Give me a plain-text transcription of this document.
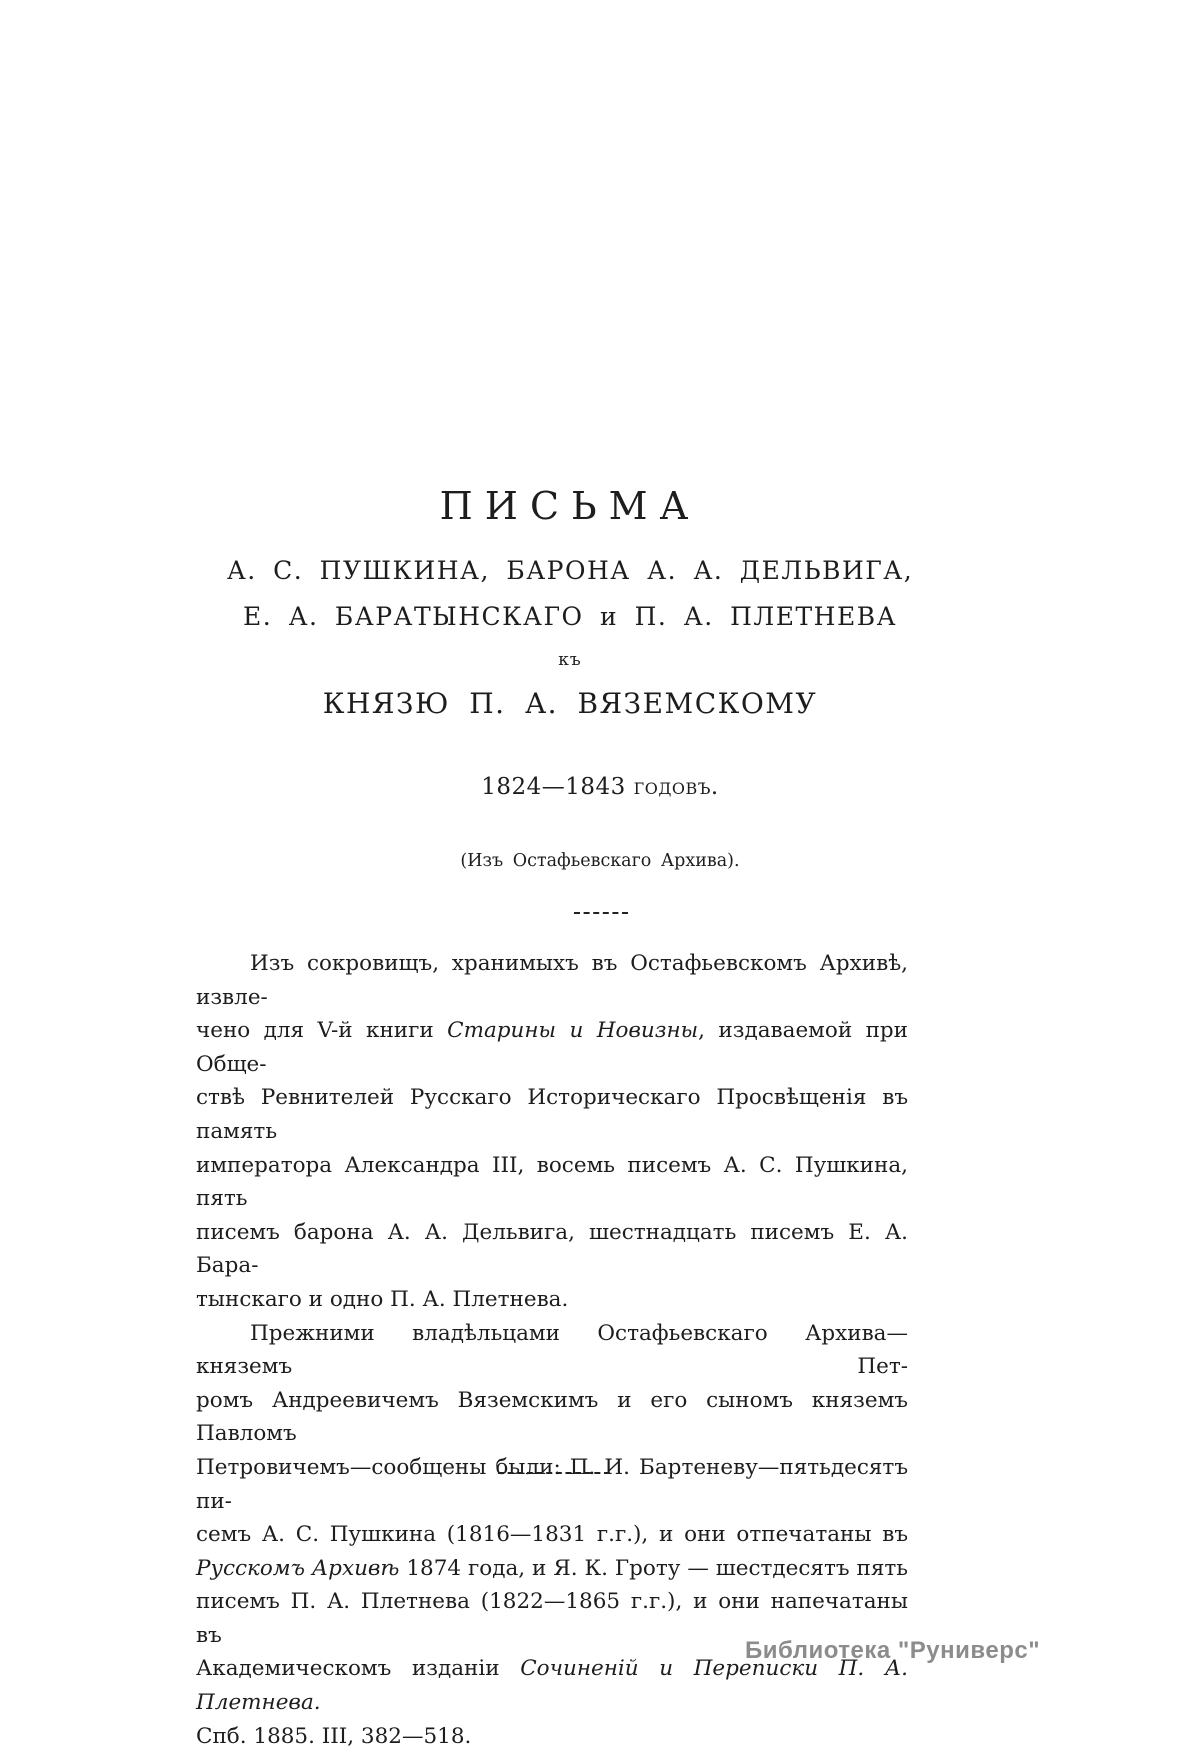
ПИСЬМА
А. С. ПУШКИНА, БАРОНА А. А. ДЕЛЬВИГА,
Е. А. БАРАТЫНСКАГО и П. А. ПЛЕТНЕВА
къ
КНЯЗЮ П. А. ВЯЗЕМСКОМУ
1824—1843 годовъ.
(Изъ Остафьевскаго Архива).
Изъ сокровищъ, хранимыхъ въ Остафьевскомъ Архивѣ, извле-
чено для V-й книги Старины и Новизны, издаваемой при Обще-
ствѣ Ревнителей Русскаго Историческаго Просвѣщенія въ память
императора Александра III, восемь писемъ А. С. Пушкина, пять
писемъ барона А. А. Дельвига, шестнадцать писемъ Е. А. Бара-
тынскаго и одно П. А. Плетнева.
Прежними владѣльцами Остафьевскаго Архива—княземъ Пет-
ромъ Андреевичемъ Вяземскимъ и его сыномъ княземъ Павломъ
Петровичемъ—сообщены были: П. И. Бартеневу—пятьдесятъ пи-
семъ А. С. Пушкина (1816—1831 г.г.), и они отпечатаны въ
Русскомъ Архивѣ 1874 года, и Я. К. Гроту — шестдесятъ пять
писемъ П. А. Плетнева (1822—1865 г.г.), и они напечатаны въ
Академическомъ изданіи Сочиненій и Переписки П. А. Плетнева.
Спб. 1885. III, 382—518.
Библиотека "Руниверс"
